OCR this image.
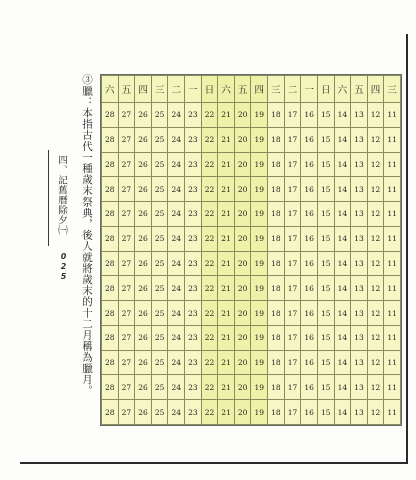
四、記舊曆除夕㈠
025 ③臘：本指古代一種歲末祭典，後人就將歲末的十二月稱為臘月。 六	五	四	三	二	一	日	六	五	四	三	二	一	日	六	五	四	三
28	27	26	25	24	23	22	21	20	19	18	17	16	15	14	13	12	11
28	27	26	25	24	23	22	21	20	19	18	17	16	15	14	13	12	11
28	27	26	25	24	23	22	21	20	19	18	17	16	15	14	13	12	11
28	27	26	25	24	23	22	21	20	19	18	17	16	15	14	13	12	11
28	27	26	25	24	23	22	21	20	19	18	17	16	15	14	13	12	11
28	27	26	25	24	23	22	21	20	19	18	17	16	15	14	13	12	11
28	27	26	25	24	23	22	21	20	19	18	17	16	15	14	13	12	11
28	27	26	25	24	23	22	21	20	19	18	17	16	15	14	13	12	11
28	27	26	25	24	23	22	21	20	19	18	17	16	15	14	13	12	11
28	27	26	25	24	23	22	21	20	19	18	17	16	15	14	13	12	11
28	27	26	25	24	23	22	21	20	19	18	17	16	15	14	13	12	11
28	27	26	25	24	23	22	21	20	19	18	17	16	15	14	13	12	11
28	27	26	25	24	23	22	21	20	19	18	17	16	15	14	13	12	11
